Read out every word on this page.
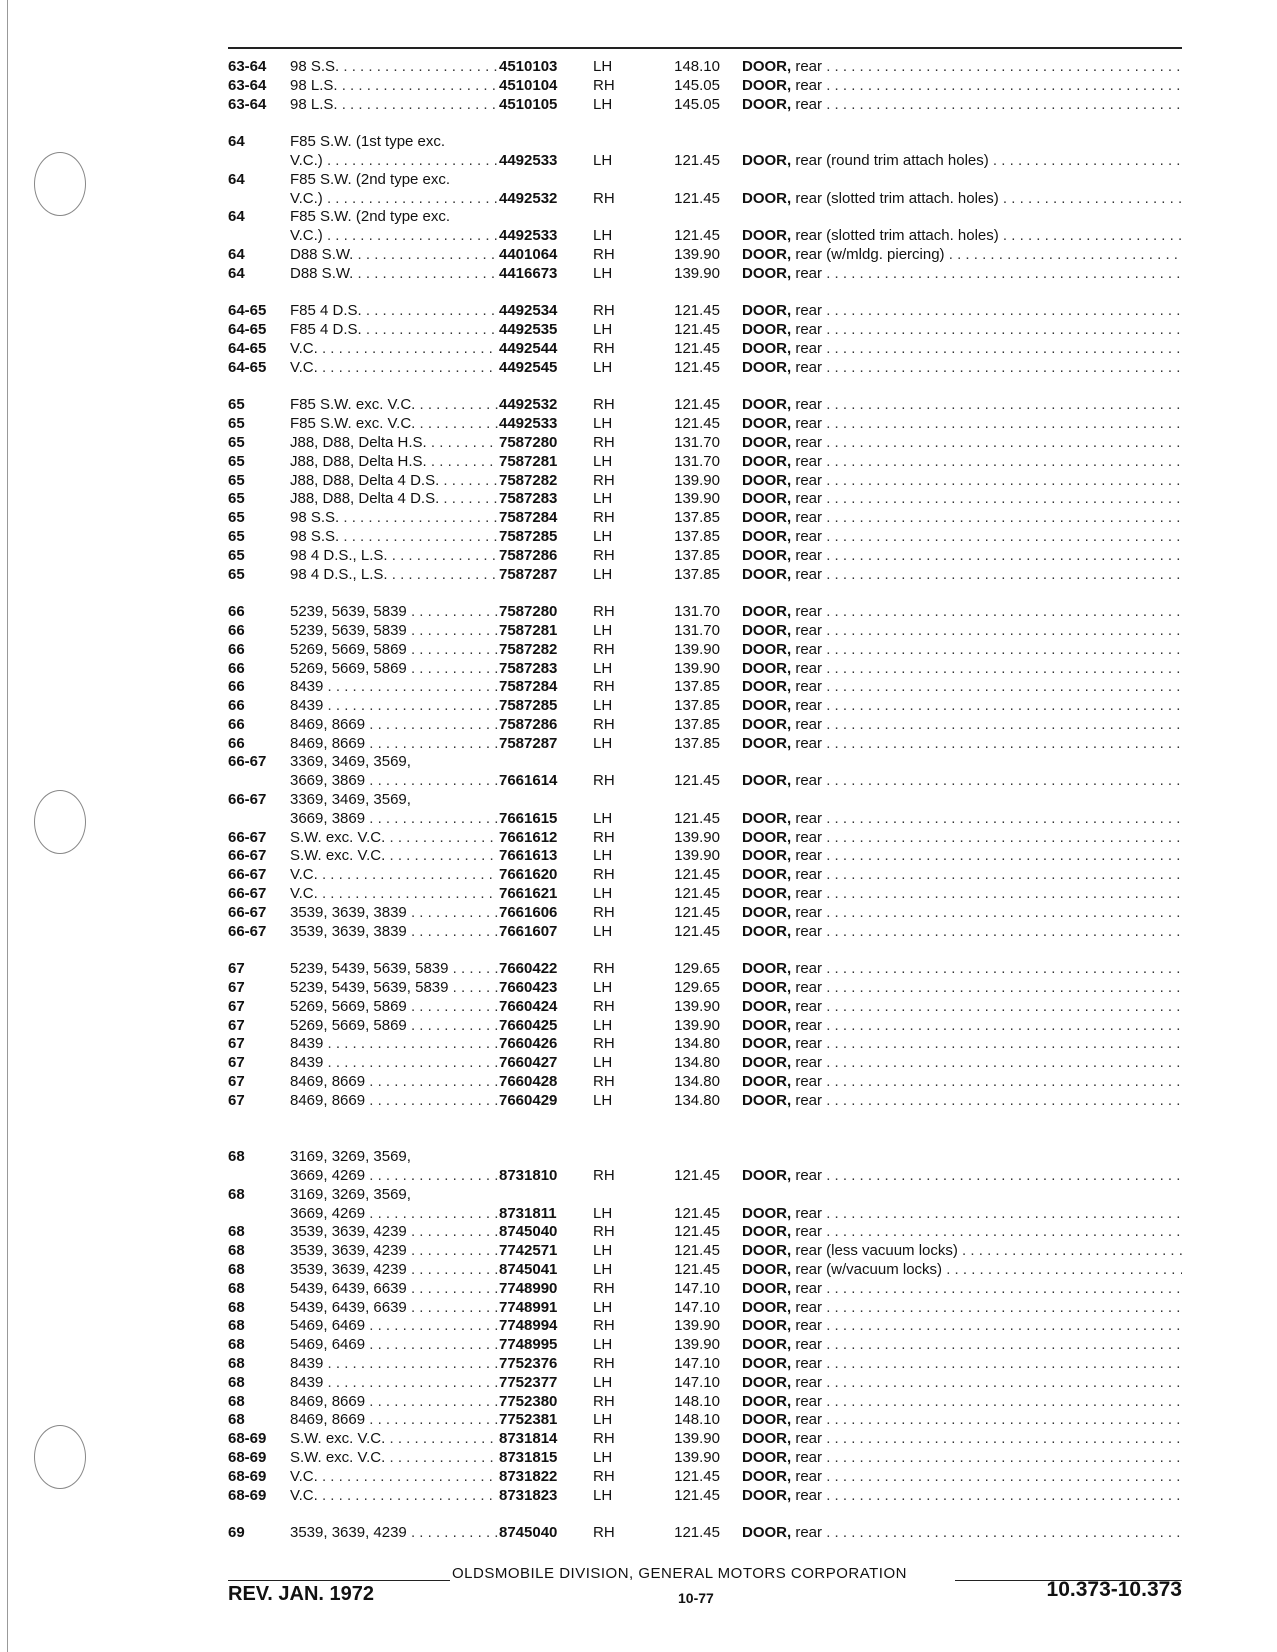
63-64	98 S.S. . . .	4510103 LH	148.10 DOOR, rear . . .
63-64	98 L.S. . . .	4510104 RH	145.05 DOOR, rear . . .
63-64	98 L.S. . . .	4510105 LH	145.05 DOOR, rear . . .
64	F85 S.W. (1st type exc.
V.C.) . . .	4492533 LH	121.45 DOOR, rear (round trim attach holes) . . .
64	F85 S.W. (2nd type exc.
V.C.) . . .	4492532 RH	121.45 DOOR, rear (slotted trim attach. holes) . . .
64	F85 S.W. (2nd type exc.
V.C.) . . .	4492533 LH	121.45 DOOR, rear (slotted trim attach. holes) . . .
64	D88 S.W. . . .	4401064 RH	139.90 DOOR, rear (w/mldg. piercing) . . .
64	D88 S.W. . . .	4416673 LH	139.90 DOOR, rear . . .
64-65	F85 4 D.S. . . .	4492534 RH	121.45 DOOR, rear . . .
64-65	F85 4 D.S. . . .	4492535 LH	121.45 DOOR, rear . . .
64-65	V.C. . . .	4492544 RH	121.45 DOOR, rear . . .
64-65	V.C. . . .	4492545 LH	121.45 DOOR, rear . . .
65	F85 S.W. exc. V.C. . . .	4492532 RH	121.45 DOOR, rear . . .
65	F85 S.W. exc. V.C. . . .	4492533 LH	121.45 DOOR, rear . . .
65	J88, D88, Delta H.S. . . .	7587280 RH	131.70 DOOR, rear . . .
65	J88, D88, Delta H.S. . . .	7587281 LH	131.70 DOOR, rear . . .
65	J88, D88, Delta 4 D.S. . . .	7587282 RH	139.90 DOOR, rear . . .
65	J88, D88, Delta 4 D.S. . . .	7587283 LH	139.90 DOOR, rear . . .
65	98 S.S. . . .	7587284 RH	137.85 DOOR, rear . . .
65	98 S.S. . . .	7587285 LH	137.85 DOOR, rear . . .
65	98 4 D.S., L.S. . . .	7587286 RH	137.85 DOOR, rear . . .
65	98 4 D.S., L.S. . . .	7587287 LH	137.85 DOOR, rear . . .
66	5239, 5639, 5839 . . .	7587280 RH	131.70 DOOR, rear . . .
66	5239, 5639, 5839 . . .	7587281 LH	131.70 DOOR, rear . . .
66	5269, 5669, 5869 . . .	7587282 RH	139.90 DOOR, rear . . .
66	5269, 5669, 5869 . . .	7587283 LH	139.90 DOOR, rear . . .
66	8439 . . .	7587284 RH	137.85 DOOR, rear . . .
66	8439 . . .	7587285 LH	137.85 DOOR, rear . . .
66	8469, 8669 . . .	7587286 RH	137.85 DOOR, rear . . .
66	8469, 8669 . . .	7587287 LH	137.85 DOOR, rear . . .
66-67	3369, 3469, 3569,
3669, 3869 . . .	7661614 RH	121.45 DOOR, rear . . .
66-67	3369, 3469, 3569,
3669, 3869 . . .	7661615 LH	121.45 DOOR, rear . . .
66-67	S.W. exc. V.C. . . .	7661612 RH	139.90 DOOR, rear . . .
66-67	S.W. exc. V.C. . . .	7661613 LH	139.90 DOOR, rear . . .
66-67	V.C. . . .	7661620 RH	121.45 DOOR, rear . . .
66-67	V.C. . . .	7661621 LH	121.45 DOOR, rear . . .
66-67	3539, 3639, 3839 . . .	7661606 RH	121.45 DOOR, rear . . .
66-67	3539, 3639, 3839 . . .	7661607 LH	121.45 DOOR, rear . . .
67	5239, 5439, 5639, 5839 . . .	7660422 RH	129.65 DOOR, rear . . .
67	5239, 5439, 5639, 5839 . . .	7660423 LH	129.65 DOOR, rear . . .
67	5269, 5669, 5869 . . .	7660424 RH	139.90 DOOR, rear . . .
67	5269, 5669, 5869 . . .	7660425 LH	139.90 DOOR, rear . . .
67	8439 . . .	7660426 RH	134.80 DOOR, rear . . .
67	8439 . . .	7660427 LH	134.80 DOOR, rear . . .
67	8469, 8669 . . .	7660428 RH	134.80 DOOR, rear . . .
67	8469, 8669 . . .	7660429 LH	134.80 DOOR, rear . . .
68	3169, 3269, 3569,
3669, 4269 . . .	8731810 RH	121.45 DOOR, rear . . .
68	3169, 3269, 3569,
3669, 4269 . . .	8731811 LH	121.45 DOOR, rear . . .
68	3539, 3639, 4239 . . .	8745040 RH	121.45 DOOR, rear . . .
68	3539, 3639, 4239 . . .	7742571 LH	121.45 DOOR, rear (less vacuum locks) . . .
68	3539, 3639, 4239 . . .	8745041 LH	121.45 DOOR, rear (w/vacuum locks) . . .
68	5439, 6439, 6639 . . .	7748990 RH	147.10 DOOR, rear . . .
68	5439, 6439, 6639 . . .	7748991 LH	147.10 DOOR, rear . . .
68	5469, 6469 . . .	7748994 RH	139.90 DOOR, rear . . .
68	5469, 6469 . . .	7748995 LH	139.90 DOOR, rear . . .
68	8439 . . .	7752376 RH	147.10 DOOR, rear . . .
68	8439 . . .	7752377 LH	147.10 DOOR, rear . . .
68	8469, 8669 . . .	7752380 RH	148.10 DOOR, rear . . .
68	8469, 8669 . . .	7752381 LH	148.10 DOOR, rear . . .
68-69	S.W. exc. V.C. . . .	8731814 RH	139.90 DOOR, rear . . .
68-69	S.W. exc. V.C. . . .	8731815 LH	139.90 DOOR, rear . . .
68-69	V.C. . . .	8731822 RH	121.45 DOOR, rear . . .
68-69	V.C. . . .	8731823 LH	121.45 DOOR, rear . . .
69	3539, 3639, 4239 . . .	8745040 RH	121.45 DOOR, rear . . .
OLDSMOBILE DIVISION, GENERAL MOTORS CORPORATION
REV. JAN. 1972	10-77	10.373-10.373
